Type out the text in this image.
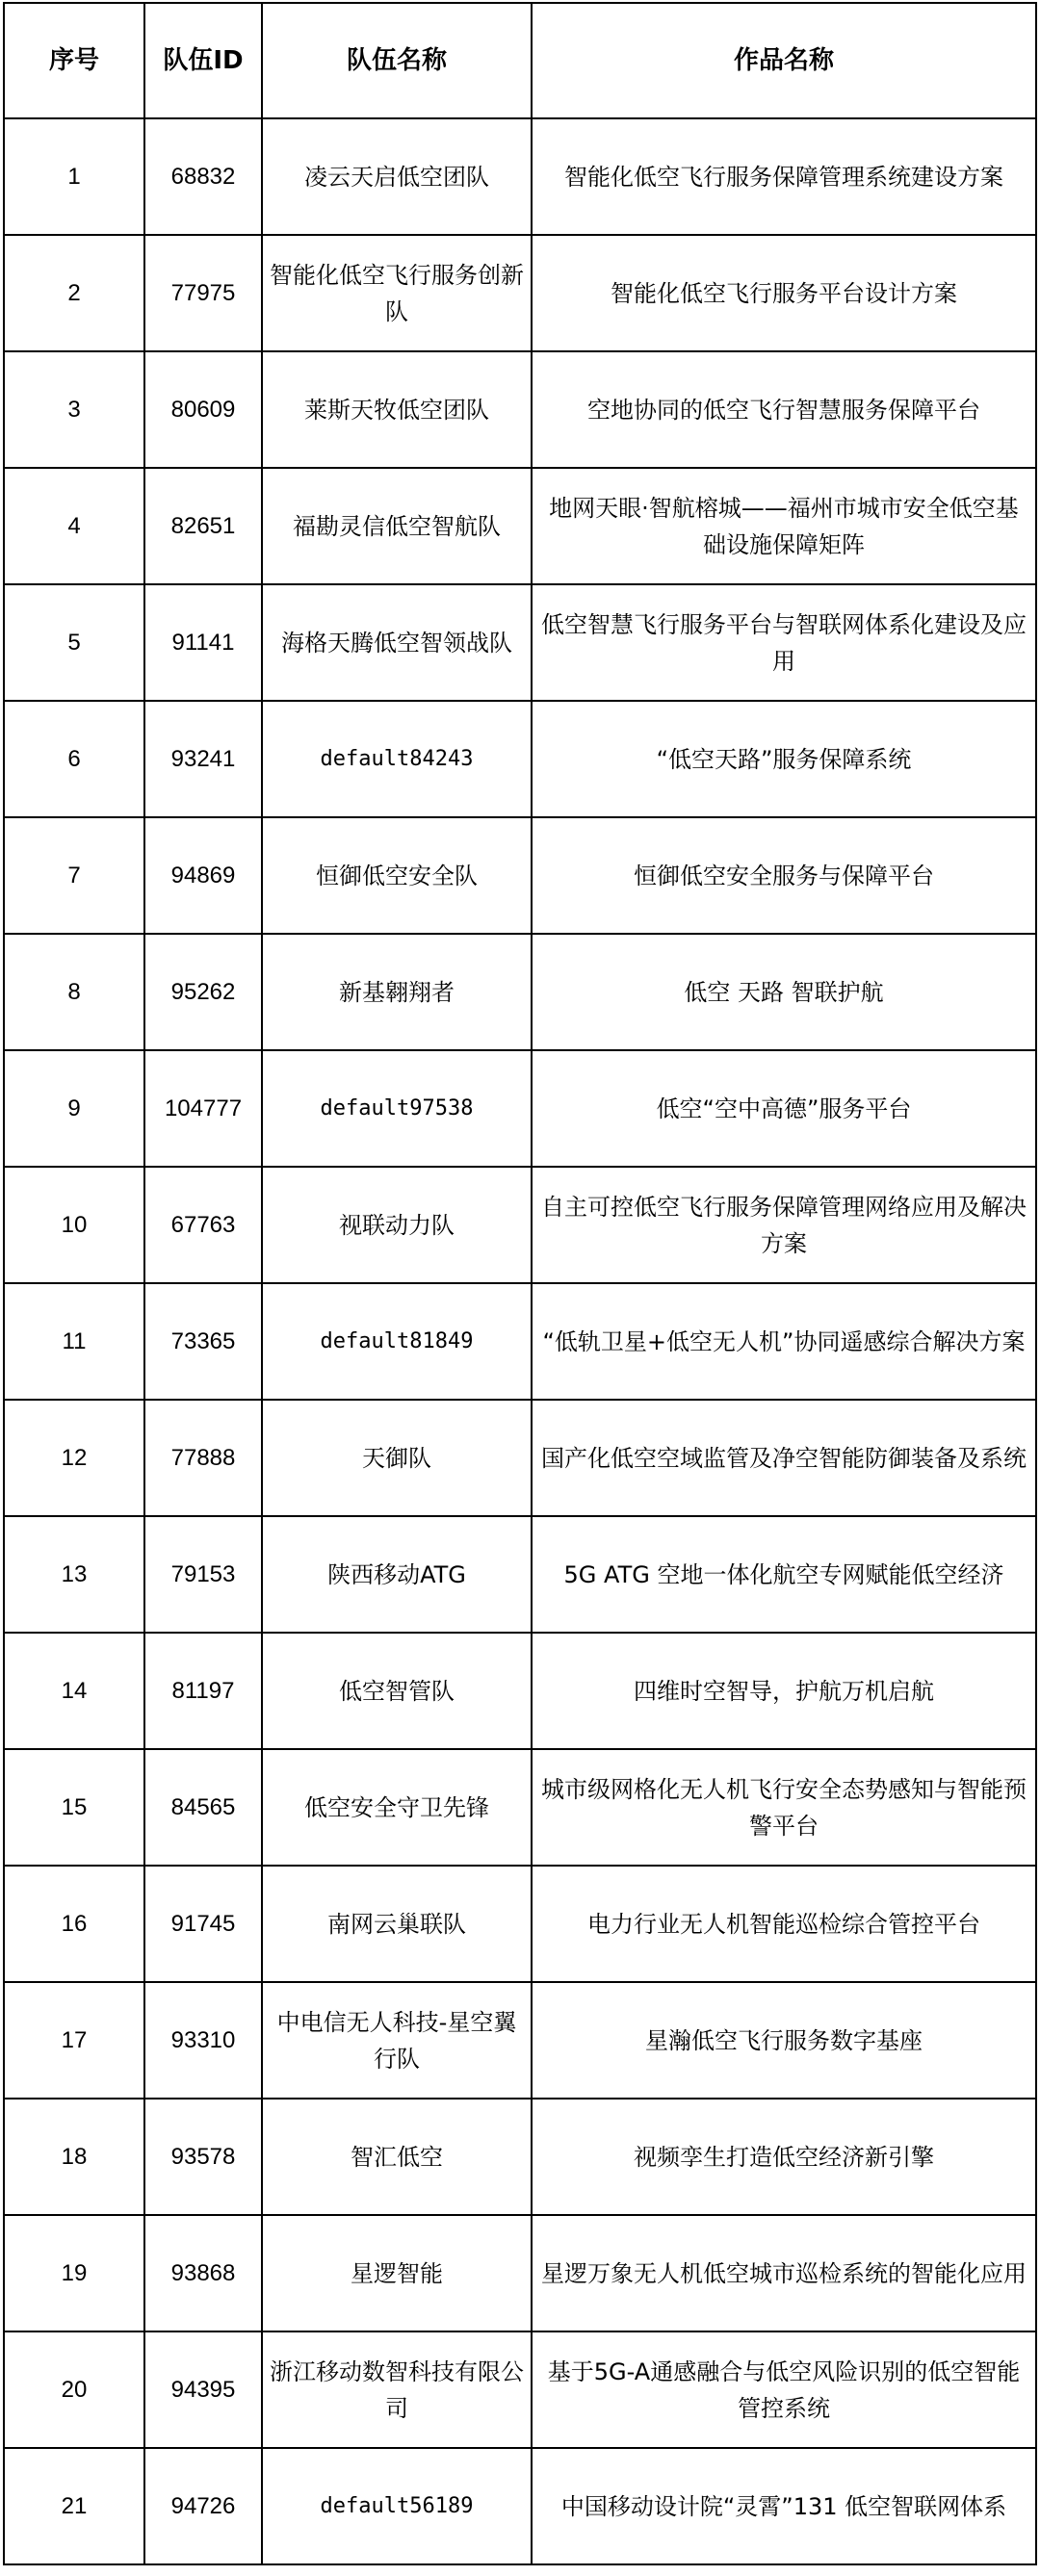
序号	队伍ID	队伍名称	作品名称
1	68832	凌云天启低空团队	智能化低空飞行服务保障管理系统建设方案
2	77975	智能化低空飞行服务创新队	智能化低空飞行服务平台设计方案
3	80609	莱斯天牧低空团队	空地协同的低空飞行智慧服务保障平台
4	82651	福勘灵信低空智航队	地网天眼·智航榕城——福州市城市安全低空基础设施保障矩阵
5	91141	海格天腾低空智领战队	低空智慧飞行服务平台与智联网体系化建设及应用
6	93241	default84243	“低空天路”服务保障系统
7	94869	恒御低空安全队	恒御低空安全服务与保障平台
8	95262	新基翱翔者	低空 天路 智联护航
9	104777	default97538	低空“空中高德”服务平台
10	67763	视联动力队	自主可控低空飞行服务保障管理网络应用及解决方案
11	73365	default81849	“低轨卫星+低空无人机”协同遥感综合解决方案
12	77888	天御队	国产化低空空域监管及净空智能防御装备及系统
13	79153	陕西移动ATG	5G ATG 空地一体化航空专网赋能低空经济
14	81197	低空智管队	四维时空智导，护航万机启航
15	84565	低空安全守卫先锋	城市级网格化无人机飞行安全态势感知与智能预警平台
16	91745	南网云巢联队	电力行业无人机智能巡检综合管控平台
17	93310	中电信无人科技-星空翼行队	星瀚低空飞行服务数字基座
18	93578	智汇低空	视频孪生打造低空经济新引擎
19	93868	星逻智能	星逻万象无人机低空城市巡检系统的智能化应用
20	94395	浙江移动数智科技有限公司	基于5G-A通感融合与低空风险识别的低空智能管控系统
21	94726	default56189	中国移动设计院“灵霄”131 低空智联网体系
